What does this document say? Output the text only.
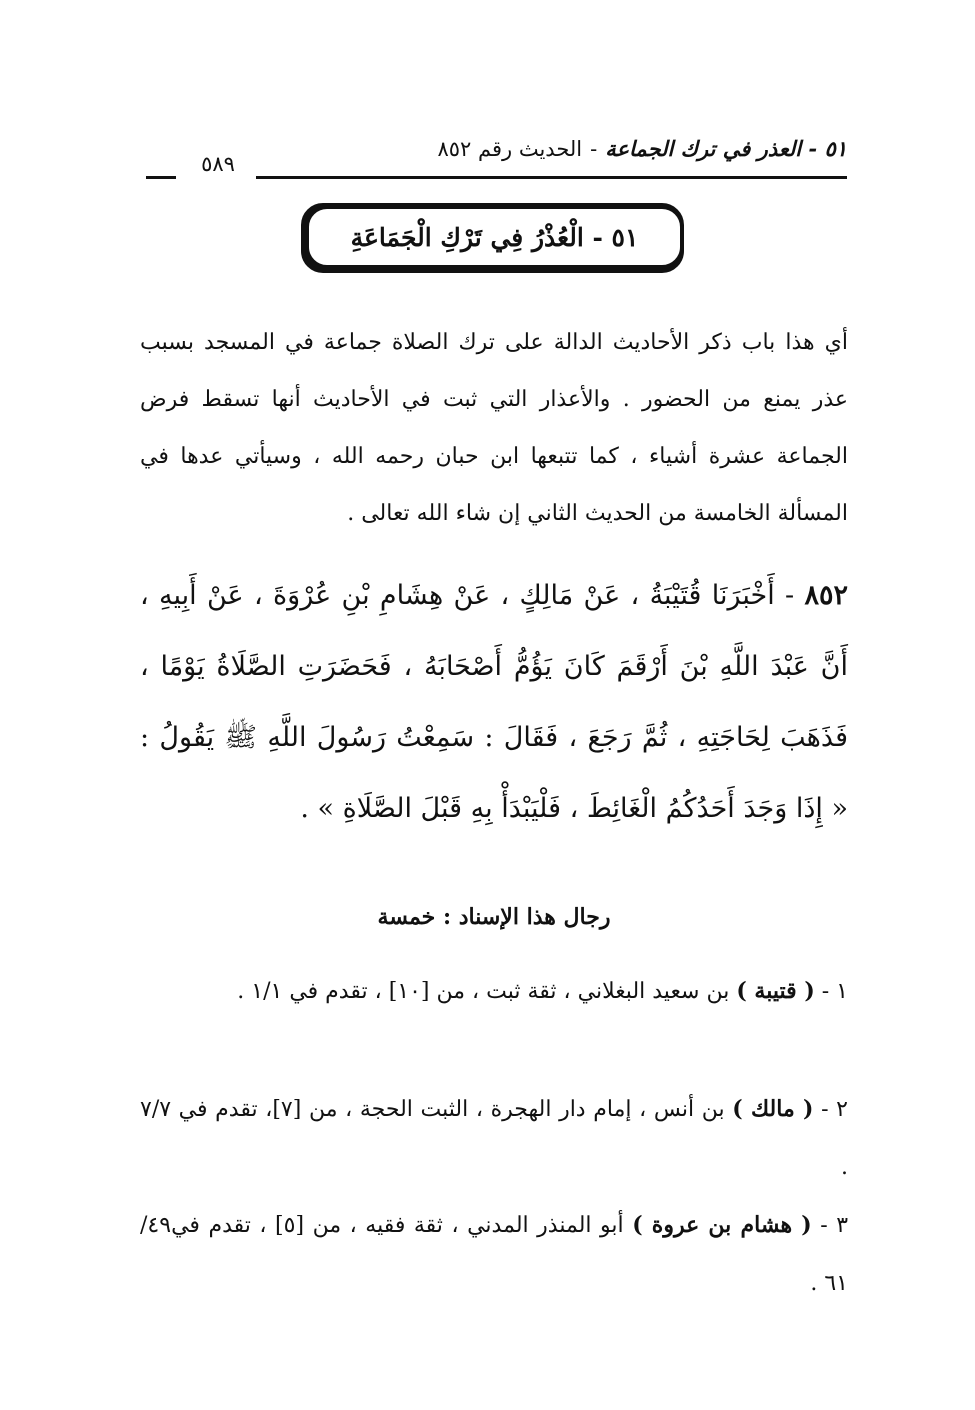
٥١ - العذر في ترك الجماعة-الحديث رقم ٨٥٢
٥٨٩
٥١ - الْعُذْرُ فِي تَرْكِ الْجَمَاعَةِ
أي هذا باب ذكر الأحاديث الدالة على ترك الصلاة جماعة في المسجد بسبب عذر يمنع من الحضور . والأعذار التي ثبت في الأحاديث أنها تسقط فرض الجماعة عشرة أشياء ، كما تتبعها ابن حبان رحمه الله ، وسيأتي عدها في المسألة الخامسة من الحديث الثاني إن شاء الله تعالى .
٨٥٢ - أَخْبَرَنَا قُتَيْبَةُ ، عَنْ مَالِكٍ ، عَنْ هِشَامِ بْنِ عُرْوَةَ ، عَنْ أَبِيهِ ، أَنَّ عَبْدَ اللَّهِ بْنَ أَرْقَمَ كَانَ يَؤُمُّ أَصْحَابَهُ ، فَحَضَرَتِ الصَّلَاةُ يَوْمًا ، فَذَهَبَ لِحَاجَتِهِ ، ثُمَّ رَجَعَ ، فَقَالَ : سَمِعْتُ رَسُولَ اللَّهِ ﷺ يَقُولُ : « إِذَا وَجَدَ أَحَدُكُمُ الْغَائِطَ ، فَلْيَبْدَأْ بِهِ قَبْلَ الصَّلَاةِ » .
رجال هذا الإسناد : خمسة
١ - ( قتيبة ) بن سعيد البغلاني ، ثقة ثبت ، من [١٠] ، تقدم في ١/١ .
٢ - ( مالك ) بن أنس ، إمام دار الهجرة ، الثبت الحجة ، من [٧]، تقدم في ٧/٧ .
٣ - ( هشام بن عروة ) أبو المنذر المدني ، ثقة فقيه ، من [٥] ، تقدم في٤٩/ ٦١ .
